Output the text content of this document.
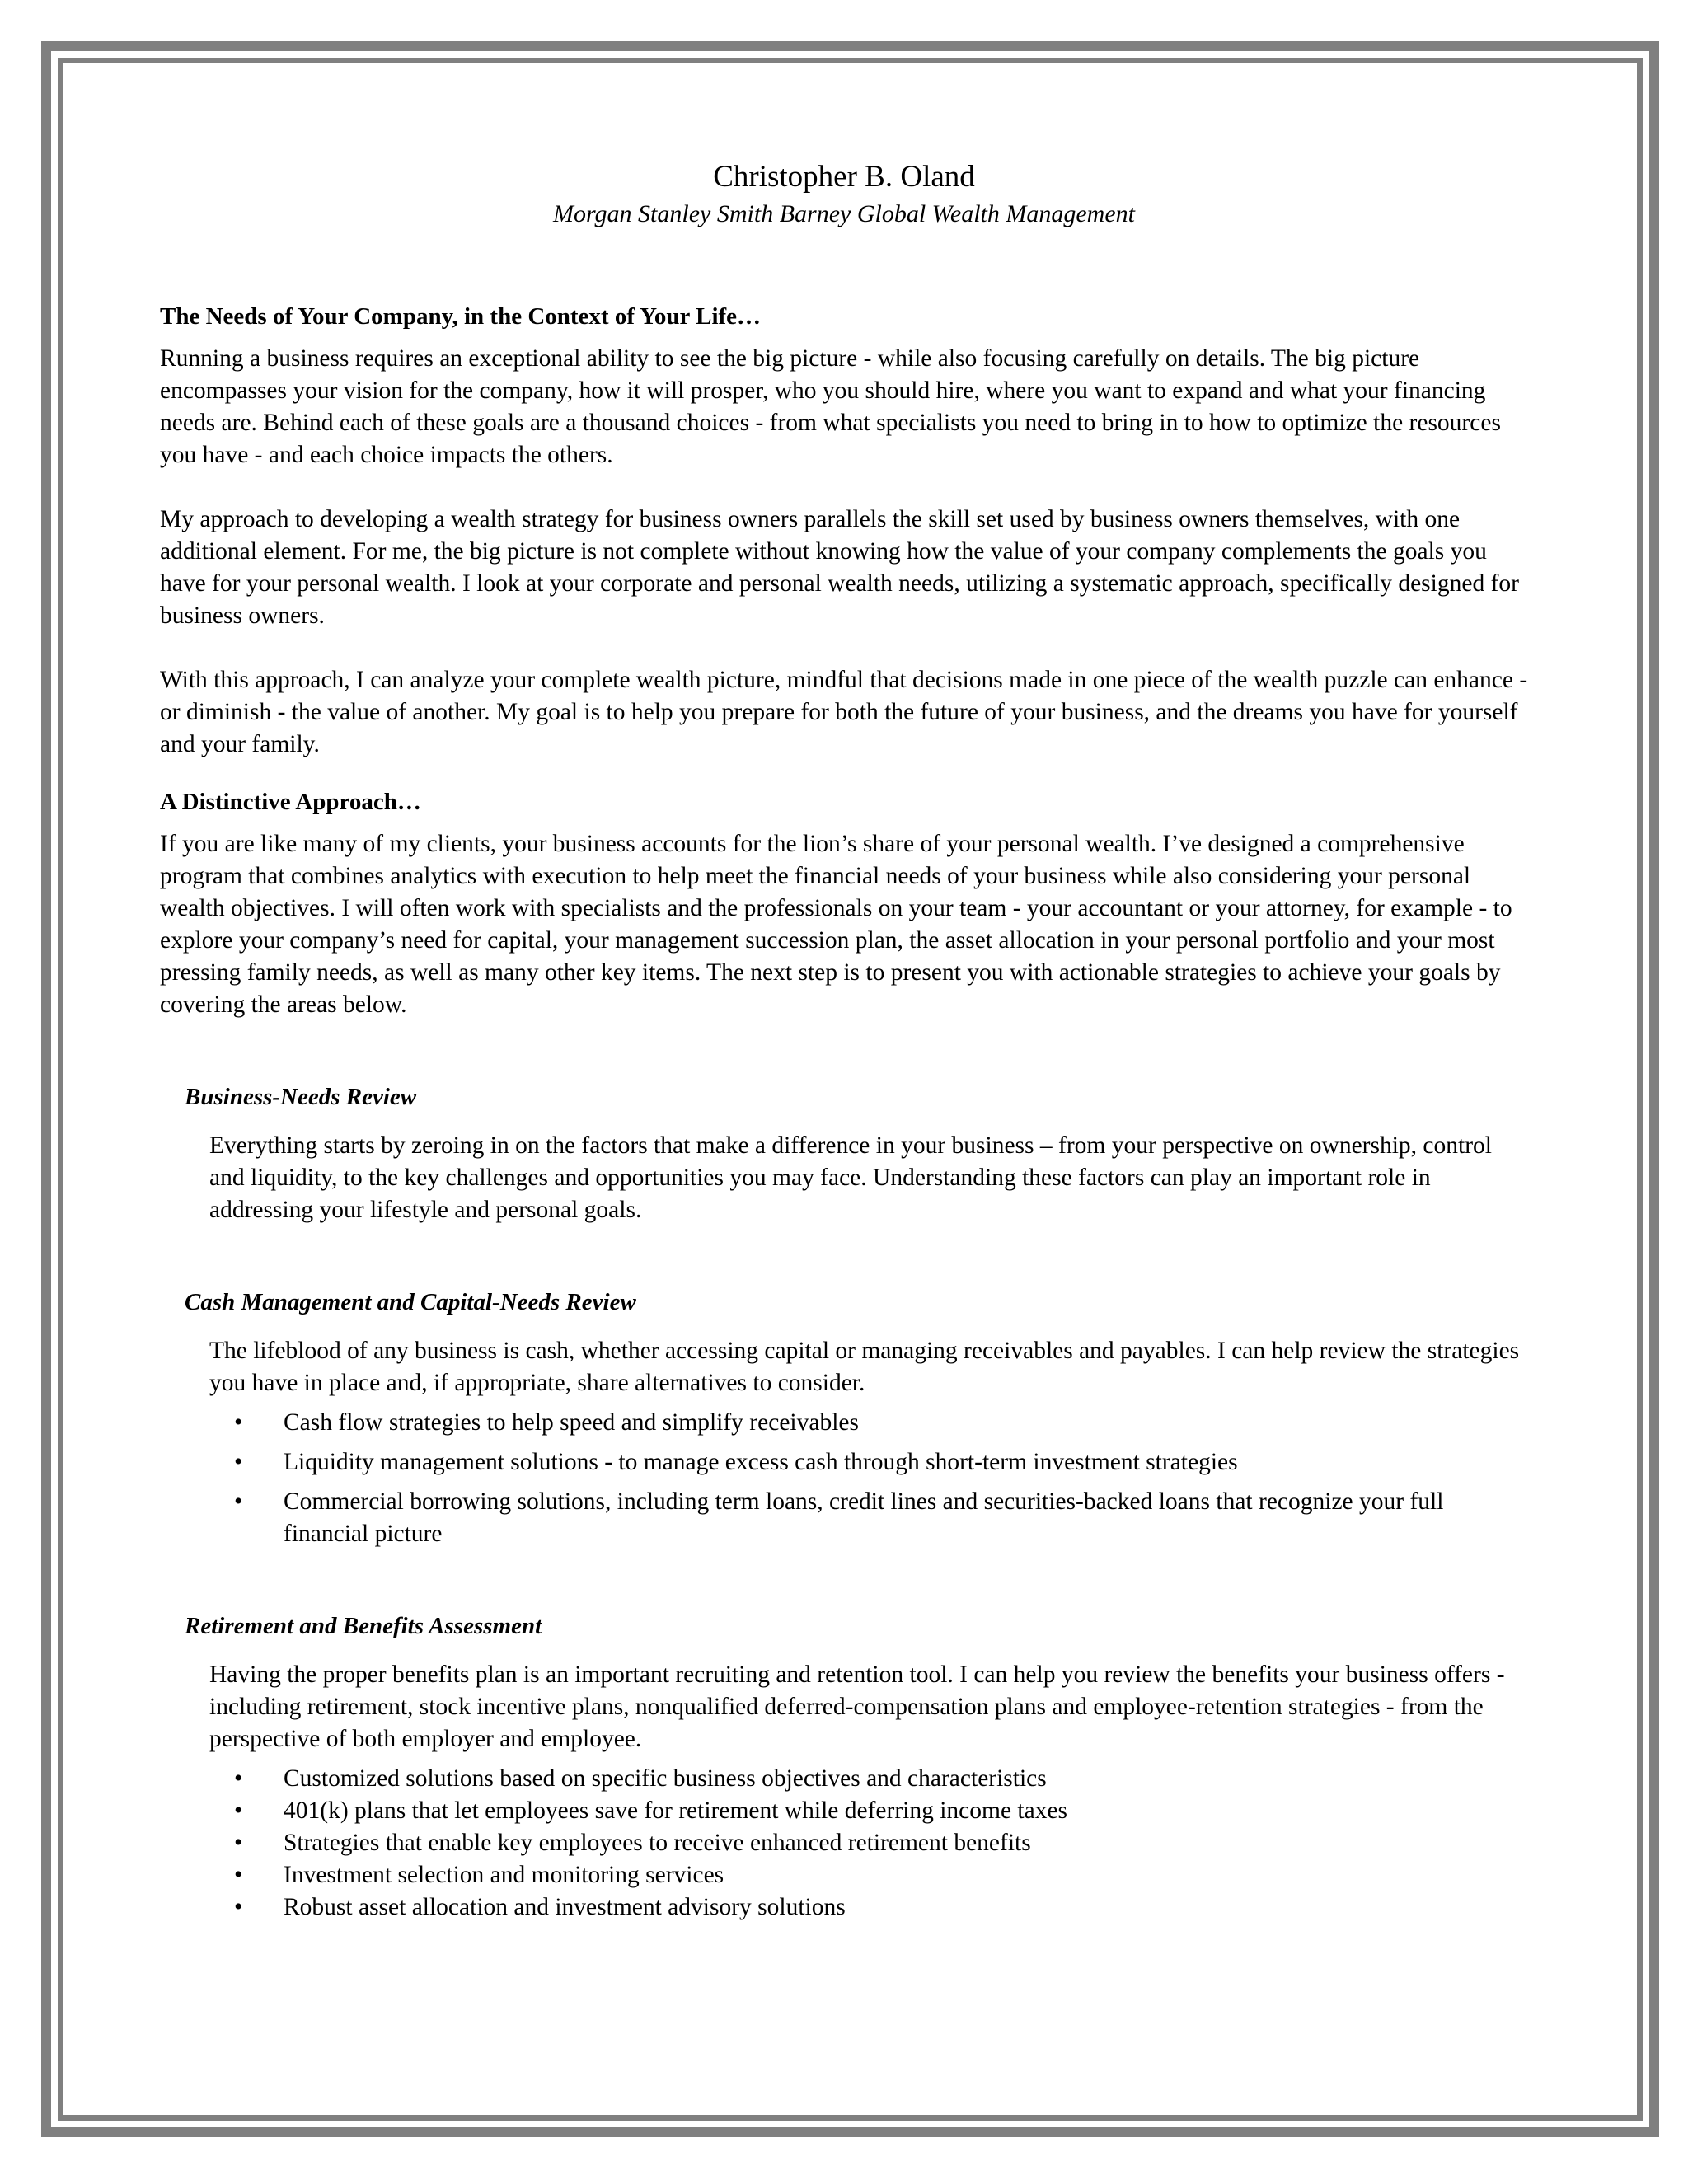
Christopher B. Oland
Morgan Stanley Smith Barney Global Wealth Management
The Needs of Your Company, in the Context of Your Life…

Running a business requires an exceptional ability to see the big picture - while also focusing carefully on details. The big picture encompasses your vision for the company, how it will prosper, who you should hire, where you want to expand and what your financing needs are. Behind each of these goals are a thousand choices - from what specialists you need to bring in to how to optimize the resources you have - and each choice impacts the others.

My approach to developing a wealth strategy for business owners parallels the skill set used by business owners themselves, with one additional element. For me, the big picture is not complete without knowing how the value of your company complements the goals you have for your personal wealth. I look at your corporate and personal wealth needs, utilizing a systematic approach, specifically designed for business owners.

With this approach, I can analyze your complete wealth picture, mindful that decisions made in one piece of the wealth puzzle can enhance - or diminish - the value of another. My goal is to help you prepare for both the future of your business, and the dreams you have for yourself and your family.

A Distinctive Approach…

If you are like many of my clients, your business accounts for the lion’s share of your personal wealth. I’ve designed a comprehensive program that combines analytics with execution to help meet the financial needs of your business while also considering your personal wealth objectives. I will often work with specialists and the professionals on your team - your accountant or your attorney, for example - to explore your company’s need for capital, your management succession plan, the asset allocation in your personal portfolio and your most pressing family needs, as well as many other key items. The next step is to present you with actionable strategies to achieve your goals by covering the areas below.

Business-Needs Review

Everything starts by zeroing in on the factors that make a difference in your business – from your perspective on ownership, control and liquidity, to the key challenges and opportunities you may face. Understanding these factors can play an important role in addressing your lifestyle and personal goals.

Cash Management and Capital-Needs Review

The lifeblood of any business is cash, whether accessing capital or managing receivables and payables. I can help review the strategies you have in place and, if appropriate, share alternatives to consider.

• Cash flow strategies to help speed and simplify receivables
• Liquidity management solutions - to manage excess cash through short-term investment strategies
• Commercial borrowing solutions, including term loans, credit lines and securities-backed loans that recognize your full financial picture
Retirement and Benefits Assessment

Having the proper benefits plan is an important recruiting and retention tool. I can help you review the benefits your business offers - including retirement, stock incentive plans, nonqualified deferred-compensation plans and employee-retention strategies - from the perspective of both employer and employee.

• Customized solutions based on specific business objectives and characteristics
• 401(k) plans that let employees save for retirement while deferring income taxes
• Strategies that enable key employees to receive enhanced retirement benefits
• Investment selection and monitoring services
• Robust asset allocation and investment advisory solutions
